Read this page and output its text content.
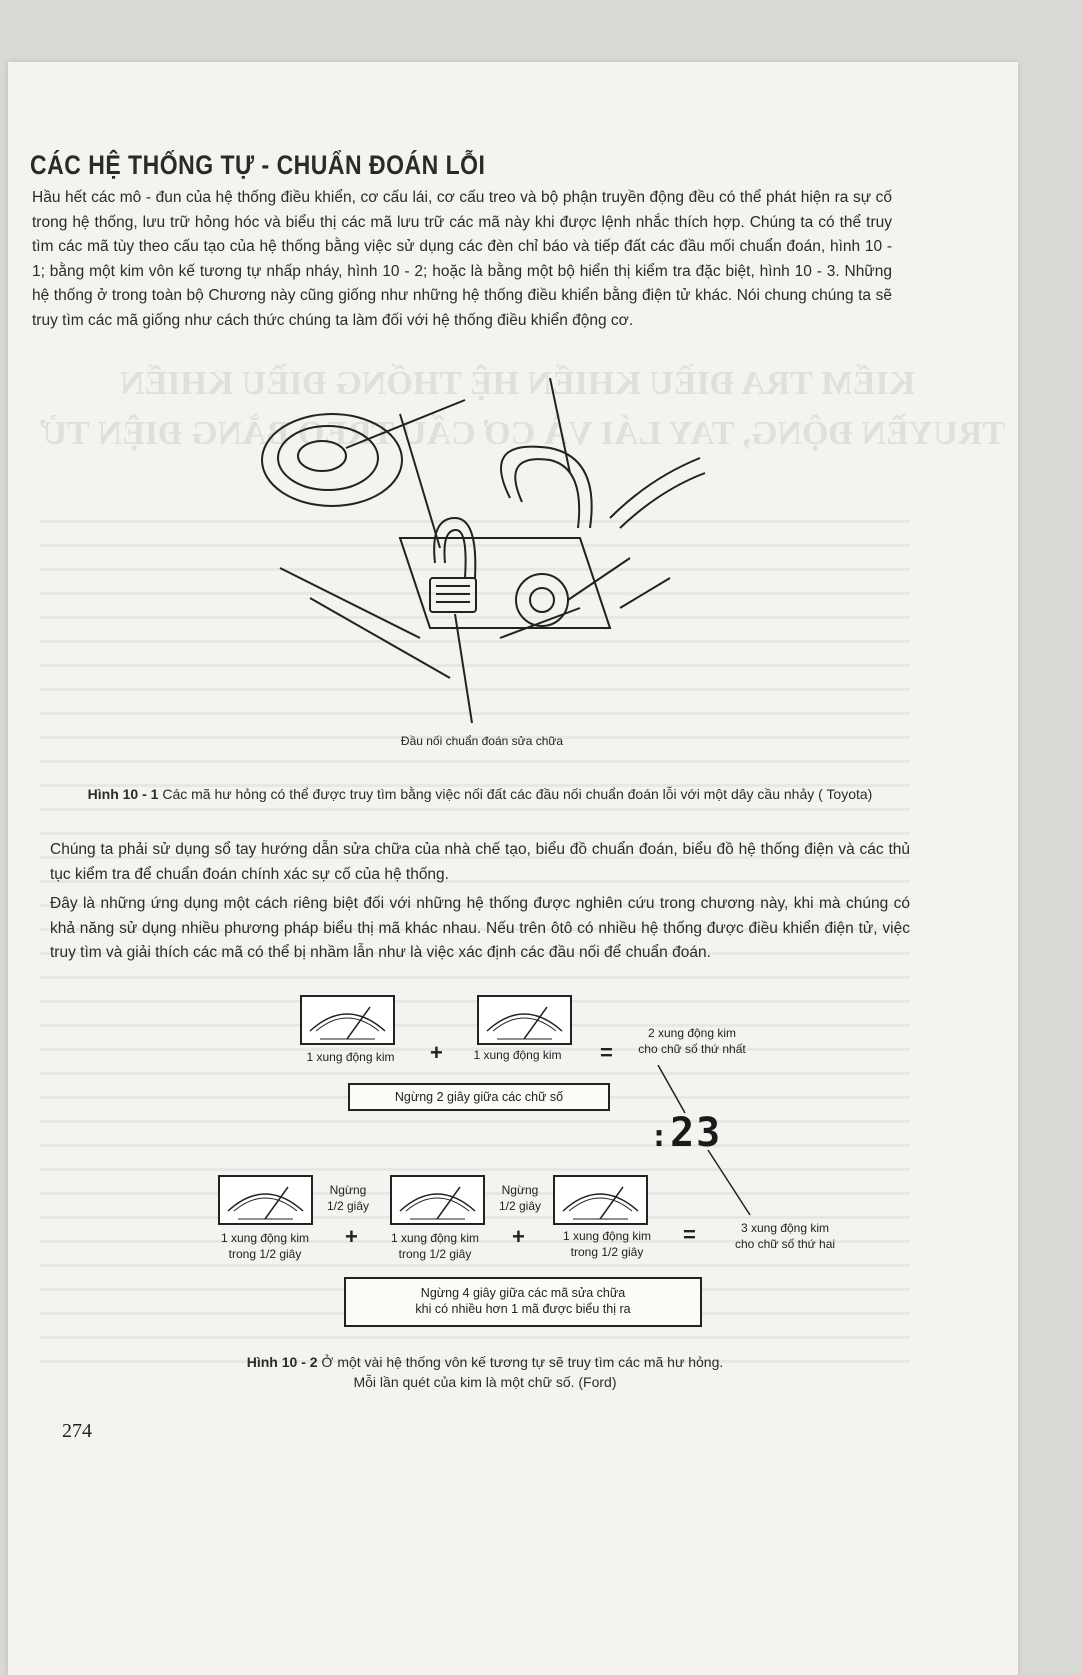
KIỂM TRA ĐIỀU KHIỂN HỆ THỐNG ĐIỀU KHIỂN
TRUYỀN ĐỘNG, TAY LÁI VÀ CƠ CẤU TREO BẰNG ĐIỆN TỬ
CÁC HỆ THỐNG TỰ - CHUẨN ĐOÁN LỖI
Hầu hết các mô - đun của hệ thống điều khiển, cơ cấu lái, cơ cấu treo và bộ phận truyền động đều có thể phát hiện ra sự cố trong hệ thống, lưu trữ hỏng hóc và biểu thị các mã lưu trữ các mã này khi được lệnh nhắc thích hợp. Chúng ta có thể truy tìm các mã tùy theo cấu tạo của hệ thống bằng việc sử dụng các đèn chỉ báo và tiếp đất các đầu mối chuẩn đoán, hình 10 - 1; bằng một kim vôn kế tương tự nhấp nháy, hình 10 - 2; hoặc là bằng một bộ hiển thị kiểm tra đặc biệt, hình 10 - 3. Những hệ thống ở trong toàn bộ Chương này cũng giống như những hệ thống điều khiển bằng điện tử khác. Nói chung chúng ta sẽ truy tìm các mã giống như cách thức chúng ta làm đối với hệ thống điều khiển động cơ.
Đầu nối chuẩn đoán sửa chữa
Hình 10 - 1 Các mã hư hỏng có thể được truy tìm bằng việc nối đất các đầu nối chuẩn đoán lỗi với một dây cầu nhảy ( Toyota)
Chúng ta phải sử dụng sổ tay hướng dẫn sửa chữa của nhà chế tạo, biểu đồ chuẩn đoán, biểu đồ hệ thống điện và các thủ tục kiểm tra để chuẩn đoán chính xác sự cố của hệ thống.
Đây là những ứng dụng một cách riêng biệt đối với những hệ thống được nghiên cứu trong chương này, khi mà chúng có khả năng sử dụng nhiều phương pháp biểu thị mã khác nhau. Nếu trên ôtô có nhiều hệ thống được điều khiển điện tử, việc truy tìm và giải thích các mã có thể bị nhầm lẫn như là việc xác định các đầu nối để chuẩn đoán.
1 xung động kim	+	1 xung động kim	=
2 xung động kim
cho chữ số thứ nhất
Ngừng 2 giây giữa các chữ số
:23
Ngừng
1/2 giây
Ngừng
1/2 giây
1 xung động kim
trong 1/2 giây
+	1 xung động kim
trong 1/2 giây
+	1 xung động kim
trong 1/2 giây
=	3 xung động kim
cho chữ số thứ hai
Ngừng 4 giây giữa các mã sửa chữa
khi có nhiều hơn 1 mã được biểu thị ra
Hình 10 - 2 Ở một vài hệ thống vôn kế tương tự sẽ truy tìm các mã hư hỏng.
Mỗi lần quét của kim là một chữ số. (Ford)
274
